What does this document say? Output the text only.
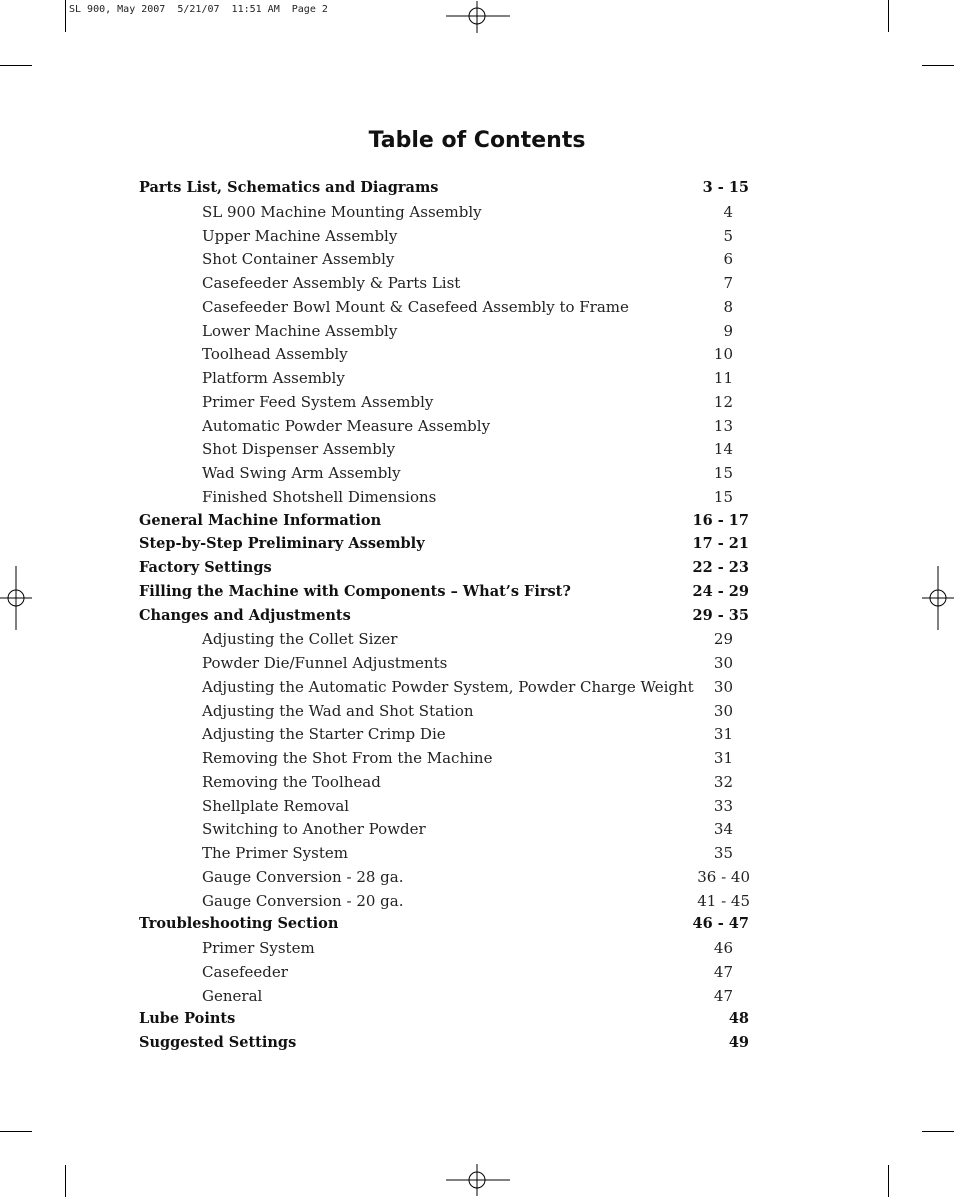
SL 900, May 2007  5/21/07  11:51 AM  Page 2
Table of Contents
Parts List, Schematics and Diagrams	3 - 15
SL 900 Machine Mounting Assembly	4
Upper Machine Assembly	5
Shot Container Assembly	6
Casefeeder Assembly & Parts List	7
Casefeeder Bowl Mount & Casefeed Assembly to Frame	8
Lower Machine Assembly	9
Toolhead Assembly	10
Platform Assembly	11
Primer Feed System Assembly	12
Automatic Powder Measure Assembly	13
Shot Dispenser Assembly	14
Wad Swing Arm Assembly	15
Finished Shotshell Dimensions	15
General Machine Information	16 - 17
Step-by-Step Preliminary Assembly	17 - 21
Factory Settings	22 - 23
Filling the Machine with Components – What’s First?	24 - 29
Changes and Adjustments	29 - 35
Adjusting the Collet Sizer	29
Powder Die/Funnel Adjustments	30
Adjusting the Automatic Powder System, Powder Charge Weight 30
Adjusting the Wad and Shot Station	30
Adjusting the Starter Crimp Die	31
Removing the Shot From the Machine	31
Removing the Toolhead	32
Shellplate Removal	33
Switching to Another Powder	34
The Primer System	35
Gauge Conversion - 28 ga.	36 - 40
Gauge Conversion - 20 ga.	41 - 45
Troubleshooting Section	46 - 47
Primer System	46
Casefeeder	47
General	47
Lube Points	48
Suggested Settings	49
